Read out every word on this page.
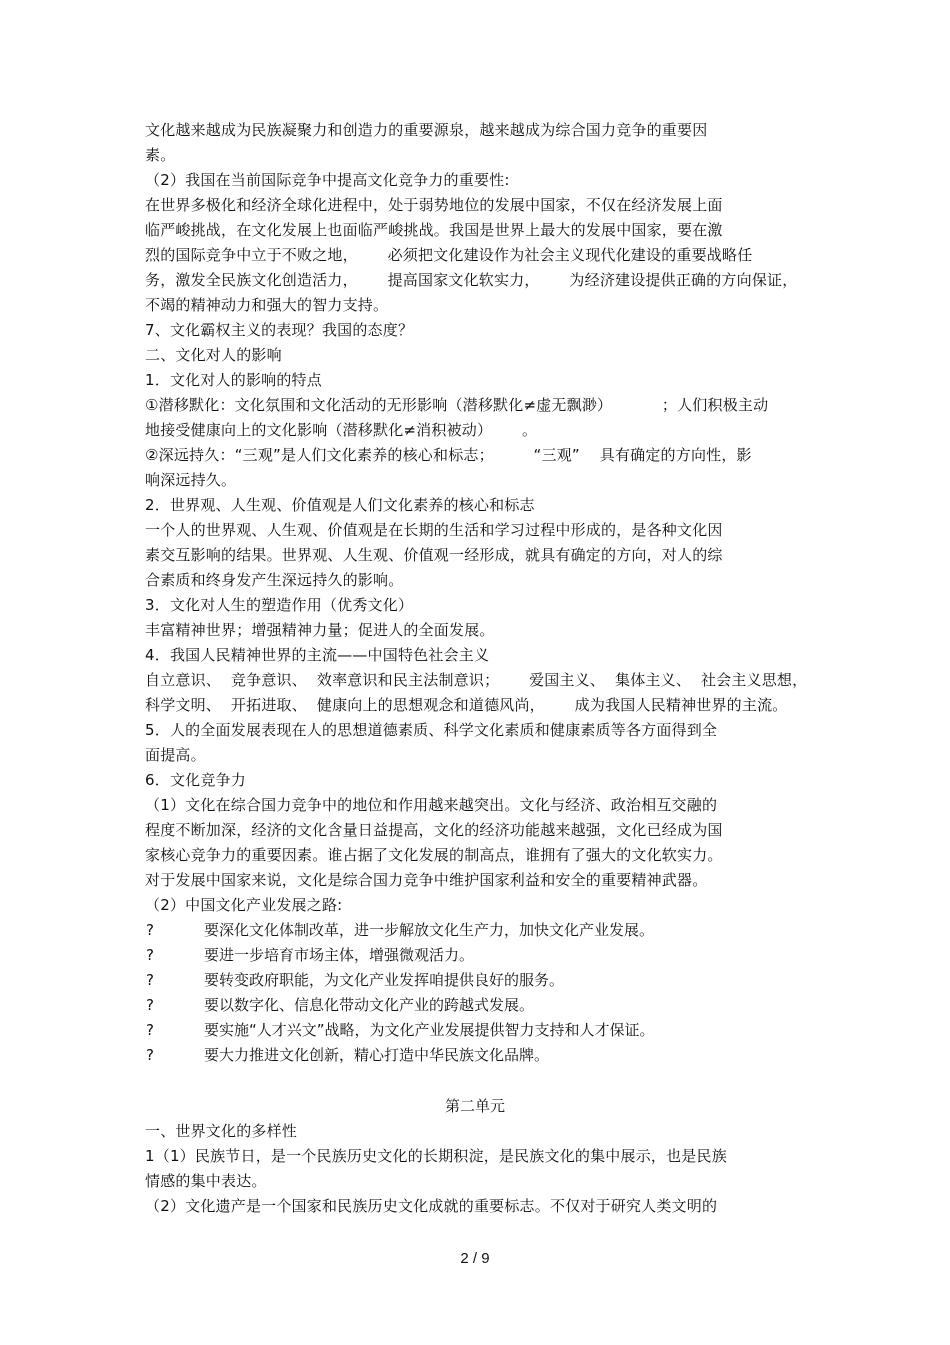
文化越来越成为民族凝聚力和创造力的重要源泉，越来越成为综合国力竞争的重要因
素。
（2）我国在当前国际竞争中提高文化竞争力的重要性:
在世界多极化和经济全球化进程中，处于弱势地位的发展中国家，不仅在经济发展上面
临严峻挑战，在文化发展上也面临严峻挑战。我国是世界上最大的发展中国家，要在激
烈的国际竞争中立于不败之地，      必须把文化建设作为社会主义现代化建设的重要战略任
务，激发全民族文化创造活力，      提高国家文化软实力，      为经济建设提供正确的方向保证，
不竭的精神动力和强大的智力支持。
7、文化霸权主义的表现？我国的态度？
二、文化对人的影响
1．文化对人的影响的特点
①潜移默化：文化氛围和文化活动的无形影响（潜移默化≠虚无飘渺）          ；人们积极主动
地接受健康向上的文化影响（潜移默化≠消积被动）      。
②深远持久：“三观”是人们文化素养的核心和标志；        “三观”    具有确定的方向性，影
响深远持久。
2．世界观、人生观、价值观是人们文化素养的核心和标志
一个人的世界观、人生观、价值观是在长期的生活和学习过程中形成的，是各种文化因
素交互影响的结果。世界观、人生观、价值观一经形成，就具有确定的方向，对人的综
合素质和终身发产生深远持久的影响。
3．文化对人生的塑造作用（优秀文化）
丰富精神世界；增强精神力量；促进人的全面发展。
4．我国人民精神世界的主流——中国特色社会主义
自立意识、  竞争意识、  效率意识和民主法制意识；      爱国主义、  集体主义、  社会主义思想，
科学文明、  开拓进取、  健康向上的思想观念和道德风尚，      成为我国人民精神世界的主流。
5．人的全面发展表现在人的思想道德素质、科学文化素质和健康素质等各方面得到全
面提高。
6．文化竞争力
（1）文化在综合国力竞争中的地位和作用越来越突出。文化与经济、政治相互交融的
程度不断加深，经济的文化含量日益提高，文化的经济功能越来越强，文化已经成为国
家核心竞争力的重要因素。谁占据了文化发展的制高点，谁拥有了强大的文化软实力。
对于发展中国家来说，文化是综合国力竞争中维护国家利益和安全的重要精神武器。
（2）中国文化产业发展之路:
?	要深化文化体制改革，进一步解放文化生产力，加快文化产业发展。
?	要进一步培育市场主体，增强微观活力。
?	要转变政府职能，为文化产业发挥咱提供良好的服务。
?	要以数字化、信息化带动文化产业的跨越式发展。
?	要实施“人才兴文”战略，为文化产业发展提供智力支持和人才保证。
?	要大力推进文化创新，精心打造中华民族文化品牌。
第二单元
一、世界文化的多样性
1（1）民族节日，是一个民族历史文化的长期积淀，是民族文化的集中展示，也是民族
情感的集中表达。
（2）文化遗产是一个国家和民族历史文化成就的重要标志。不仅对于研究人类文明的
2 / 9
